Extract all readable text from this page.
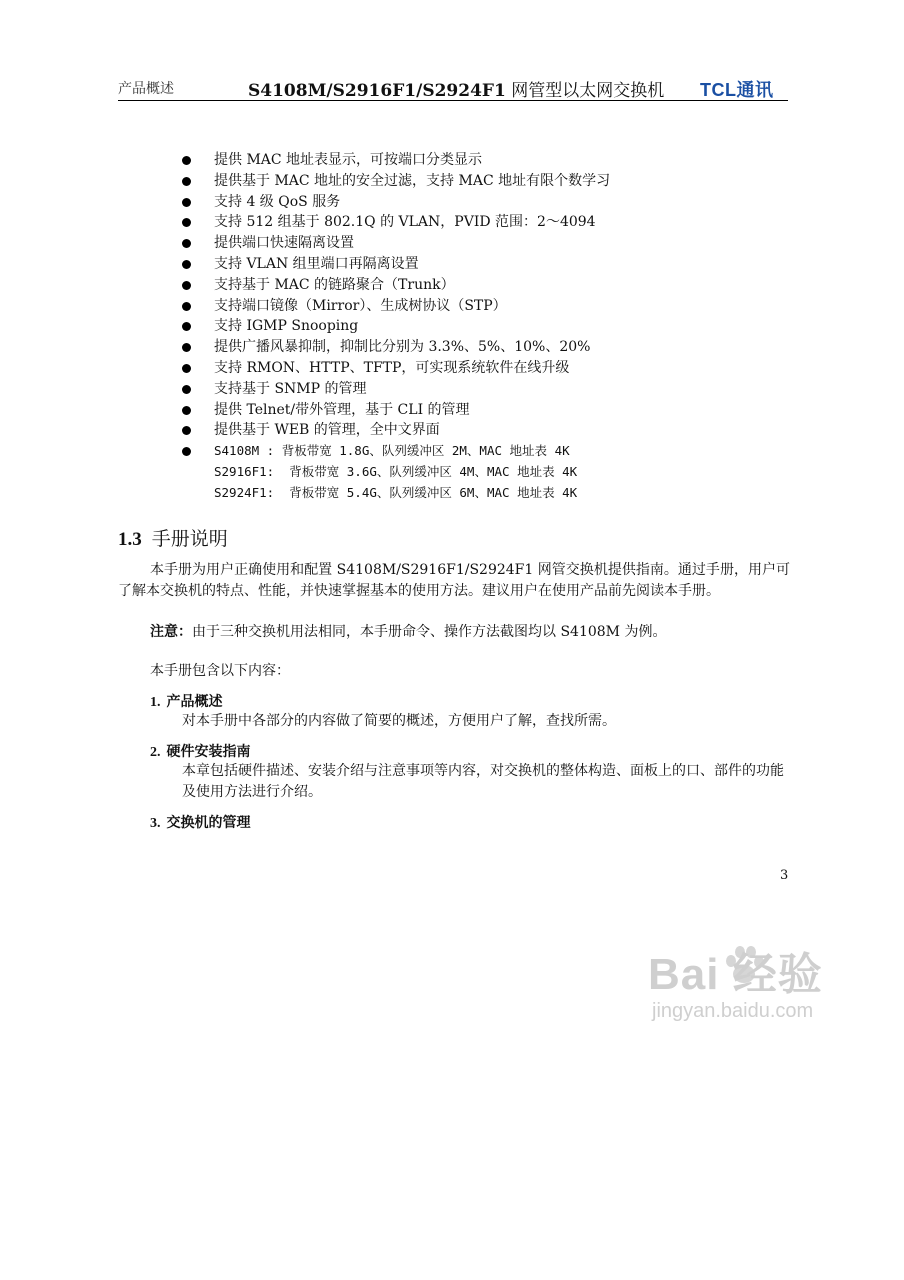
产品概述	S4108M/S2916F1/S2924F1 网管型以太网交换机 TCL通讯
提供 MAC 地址表显示，可按端口分类显示
提供基于 MAC 地址的安全过滤，支持 MAC 地址有限个数学习
支持 4 级 QoS 服务
支持 512 组基于 802.1Q 的 VLAN，PVID 范围：2～4094
提供端口快速隔离设置
支持 VLAN 组里端口再隔离设置
支持基于 MAC 的链路聚合（Trunk）
支持端口镜像（Mirror）、生成树协议（STP）
支持 IGMP Snooping
提供广播风暴抑制，抑制比分别为 3.3%、5%、10%、20%
支持 RMON、HTTP、TFTP，可实现系统软件在线升级
支持基于 SNMP 的管理
提供 Telnet/带外管理，基于 CLI 的管理
提供基于 WEB 的管理，全中文界面
S4108M : 背板带宽 1.8G、队列缓冲区 2M、MAC 地址表 4K
S2916F1:  背板带宽 3.6G、队列缓冲区 4M、MAC 地址表 4K
S2924F1:  背板带宽 5.4G、队列缓冲区 6M、MAC 地址表 4K
1.3 手册说明
本手册为用户正确使用和配置 S4108M/S2916F1/S2924F1 网管交换机提供指南。通过手册，用户可了解本交换机的特点、性能，并快速掌握基本的使用方法。建议用户在使用产品前先阅读本手册。
注意：由于三种交换机用法相同，本手册命令、操作方法截图均以 S4108M 为例。
本手册包含以下内容：
1. 产品概述
对本手册中各部分的内容做了简要的概述，方便用户了解，查找所需。
2. 硬件安装指南
本章包括硬件描述、安装介绍与注意事项等内容，对交换机的整体构造、面板上的口、部件的功能及使用方法进行介绍。
3. 交换机的管理
3
Bai 经验
jingyan.baidu.com
